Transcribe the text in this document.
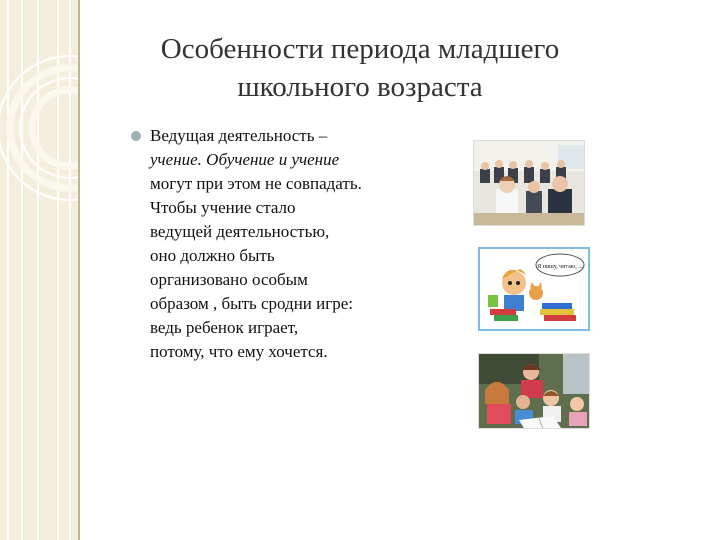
Особенности периода младшего
школьного возраста

Ведущая деятельность –

учение. Обучение и учение

могут при этом не совпадать.

Чтобы учение стало

ведущей деятельностью,

оно должно быть

организовано особым

образом , быть сродни игре:

ведь ребенок играет,

потому, что ему хочется.

Я пишу, читаю, ...
